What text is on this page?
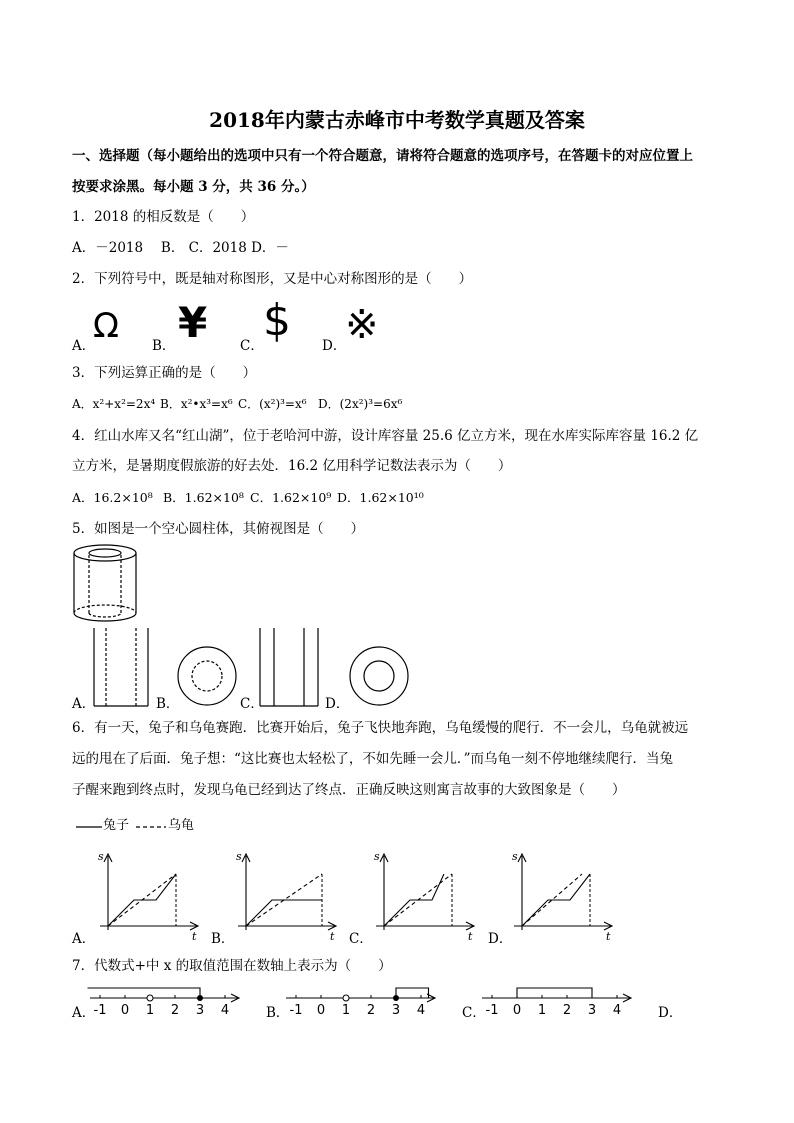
2018年内蒙古赤峰市中考数学真题及答案
一、选择题（每小题给出的选项中只有一个符合题意，请将符合题意的选项序号，在答题卡的对应位置上
按要求涂黑。每小题 3 分，共 36 分。）
1．2018 的相反数是（　　）
A．－2018　 B． C．2018 D．－
2．下列符号中，既是轴对称图形，又是中心对称图形的是（　　）
A．
Ω B． ¥ C． $ D．
※
3．下列运算正确的是（　　）
A．x²+x²=2x⁴ B．x²•x³=x⁶ C．(x²)³=x⁶ D．(2x²)³=6x⁶
4．红山水库又名“红山湖”，位于老哈河中游，设计库容量 25.6 亿立方米，现在水库实际库容量 16.2 亿
立方米，是暑期度假旅游的好去处．16.2 亿用科学记数法表示为（　　）
A．16.2×10⁸ B．1.62×10⁸ C．1.62×10⁹ D．1.62×10¹⁰
5．如图是一个空心圆柱体，其俯视图是（　　）
A．	B．	C．	D．
6．有一天，兔子和乌龟赛跑．比赛开始后，兔子飞快地奔跑，乌龟缓慢的爬行．不一会儿，乌龟就被远
远的甩在了后面．兔子想：“这比赛也太轻松了，不如先睡一会儿．”而乌龟一刻不停地继续爬行．当兔
子醒来跑到终点时，发现乌龟已经到达了终点．正确反映这则寓言故事的大致图象是（　　）
兔子	乌龟
s
t
s
t
s
t
s
t
A．	B．	C．	D．
7．代数式+中 x 的取值范围在数轴上表示为（　　）
-1 0 1 2 3 4	-1 0 1 2 3 4	-1 0 1 2 3 4
A．	B．	C．	D．
